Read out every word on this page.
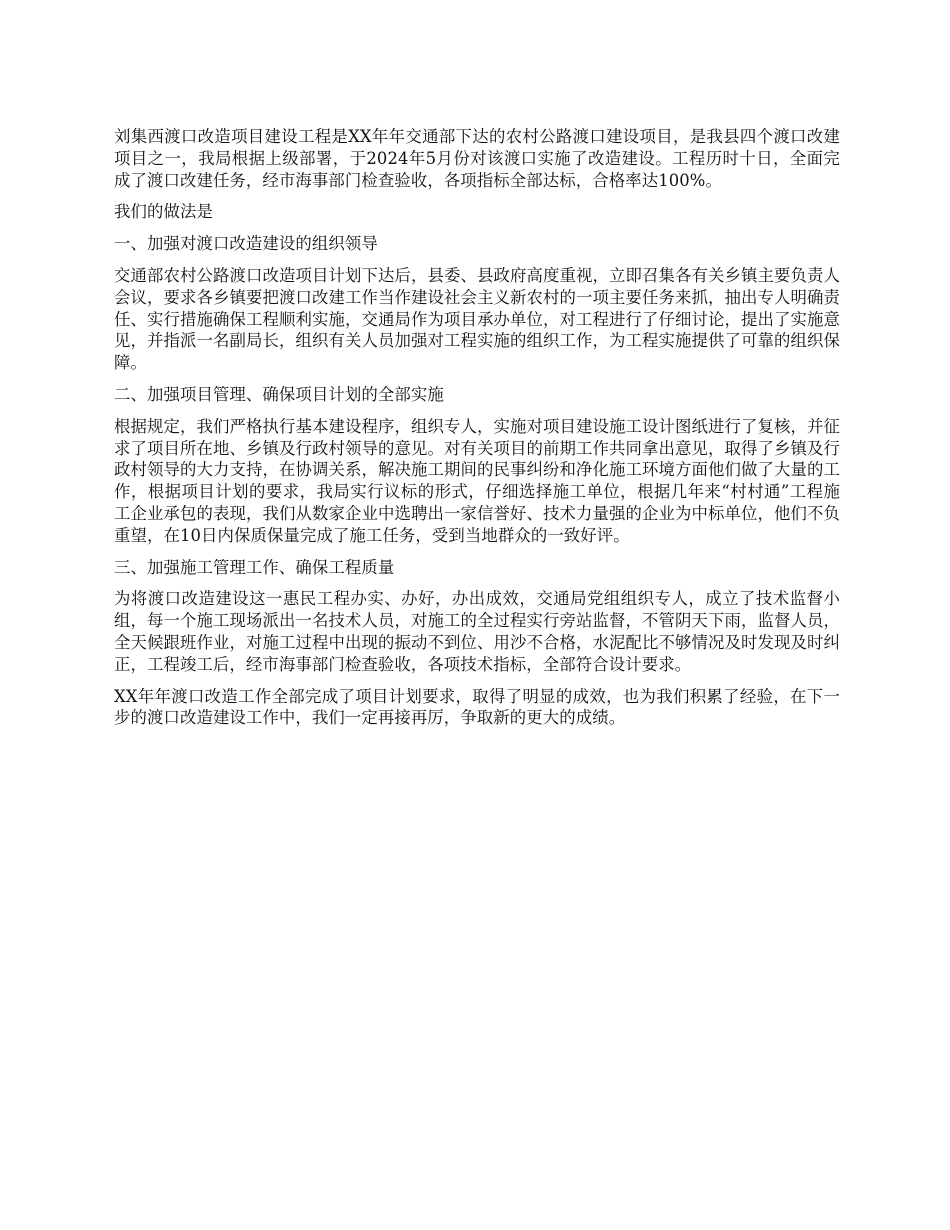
刘集西渡口改造项目建设工程是XX年年交通部下达的农村公路渡口建设项目，是我县四个渡口改建项目之一，我局根据上级部署，于2024年5月份对该渡口实施了改造建设。工程历时十日，全面完成了渡口改建任务，经市海事部门检查验收，各项指标全部达标，合格率达100%。

我们的做法是

一、加强对渡口改造建设的组织领导

交通部农村公路渡口改造项目计划下达后，县委、县政府高度重视，立即召集各有关乡镇主要负责人会议，要求各乡镇要把渡口改建工作当作建设社会主义新农村的一项主要任务来抓，抽出专人明确责任、实行措施确保工程顺利实施，交通局作为项目承办单位，对工程进行了仔细讨论，提出了实施意见，并指派一名副局长，组织有关人员加强对工程实施的组织工作，为工程实施提供了可靠的组织保障。

二、加强项目管理、确保项目计划的全部实施

根据规定，我们严格执行基本建设程序，组织专人，实施对项目建设施工设计图纸进行了复核，并征求了项目所在地、乡镇及行政村领导的意见。对有关项目的前期工作共同拿出意见，取得了乡镇及行政村领导的大力支持，在协调关系，解决施工期间的民事纠纷和净化施工环境方面他们做了大量的工作，根据项目计划的要求，我局实行议标的形式，仔细选择施工单位，根据几年来“村村通”工程施工企业承包的表现，我们从数家企业中选聘出一家信誉好、技术力量强的企业为中标单位，他们不负重望，在10日内保质保量完成了施工任务，受到当地群众的一致好评。

三、加强施工管理工作、确保工程质量

为将渡口改造建设这一惠民工程办实、办好，办出成效，交通局党组组织专人，成立了技术监督小组，每一个施工现场派出一名技术人员，对施工的全过程实行旁站监督，不管阴天下雨，监督人员，全天候跟班作业，对施工过程中出现的振动不到位、用沙不合格，水泥配比不够情况及时发现及时纠正，工程竣工后，经市海事部门检查验收，各项技术指标，全部符合设计要求。

XX年年渡口改造工作全部完成了项目计划要求，取得了明显的成效，也为我们积累了经验，在下一步的渡口改造建设工作中，我们一定再接再厉，争取新的更大的成绩。
